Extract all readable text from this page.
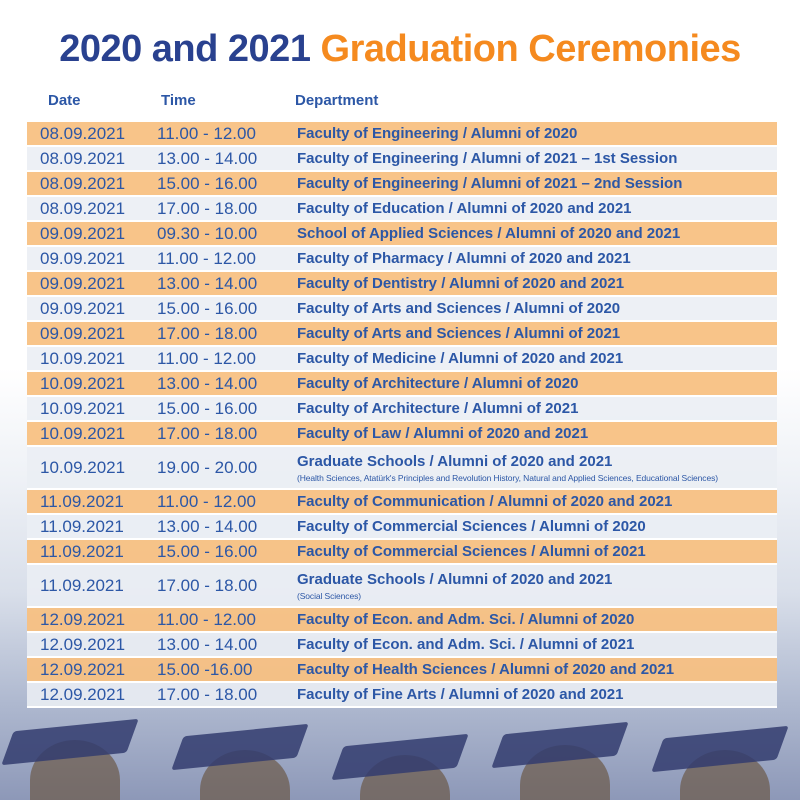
2020 and 2021 Graduation Ceremonies
Date	Time	Department
08.09.2021	11.00 - 12.00	Faculty of Engineering / Alumni of 2020
08.09.2021	13.00 - 14.00	Faculty of Engineering / Alumni of 2021 – 1st Session
08.09.2021	15.00 - 16.00	Faculty of Engineering / Alumni of 2021 – 2nd Session
08.09.2021	17.00 - 18.00	Faculty of Education / Alumni of 2020 and 2021
09.09.2021	09.30 - 10.00	School of Applied Sciences / Alumni of 2020 and 2021
09.09.2021	11.00 - 12.00	Faculty of Pharmacy / Alumni of 2020 and 2021
09.09.2021	13.00 - 14.00	Faculty of Dentistry / Alumni of 2020 and 2021
09.09.2021	15.00 - 16.00	Faculty of Arts and Sciences / Alumni of 2020
09.09.2021	17.00 - 18.00	Faculty of Arts and Sciences / Alumni of 2021
10.09.2021	11.00 - 12.00	Faculty of Medicine / Alumni of 2020 and 2021
10.09.2021	13.00 - 14.00	Faculty of Architecture / Alumni of 2020
10.09.2021	15.00 - 16.00	Faculty of Architecture / Alumni of 2021
10.09.2021	17.00 - 18.00	Faculty of Law / Alumni of 2020 and 2021
10.09.2021	19.00 - 20.00	Graduate Schools / Alumni of 2020 and 2021
(Health Sciences, Atatürk's Principles and Revolution History, Natural and Applied Sciences, Educational Sciences)
11.09.2021	11.00 - 12.00	Faculty of Communication / Alumni of 2020 and 2021
11.09.2021	13.00 - 14.00	Faculty of Commercial Sciences / Alumni of 2020
11.09.2021	15.00 - 16.00	Faculty of Commercial Sciences / Alumni of 2021
11.09.2021	17.00 - 18.00	Graduate Schools / Alumni of 2020 and 2021
(Social Sciences)
12.09.2021	11.00 - 12.00	Faculty of Econ. and Adm. Sci. / Alumni of 2020
12.09.2021	13.00 - 14.00	Faculty of Econ. and Adm. Sci. / Alumni of 2021
12.09.2021	15.00 -16.00	Faculty of Health Sciences / Alumni of 2020 and 2021
12.09.2021	17.00 - 18.00	Faculty of Fine Arts / Alumni of 2020 and 2021
